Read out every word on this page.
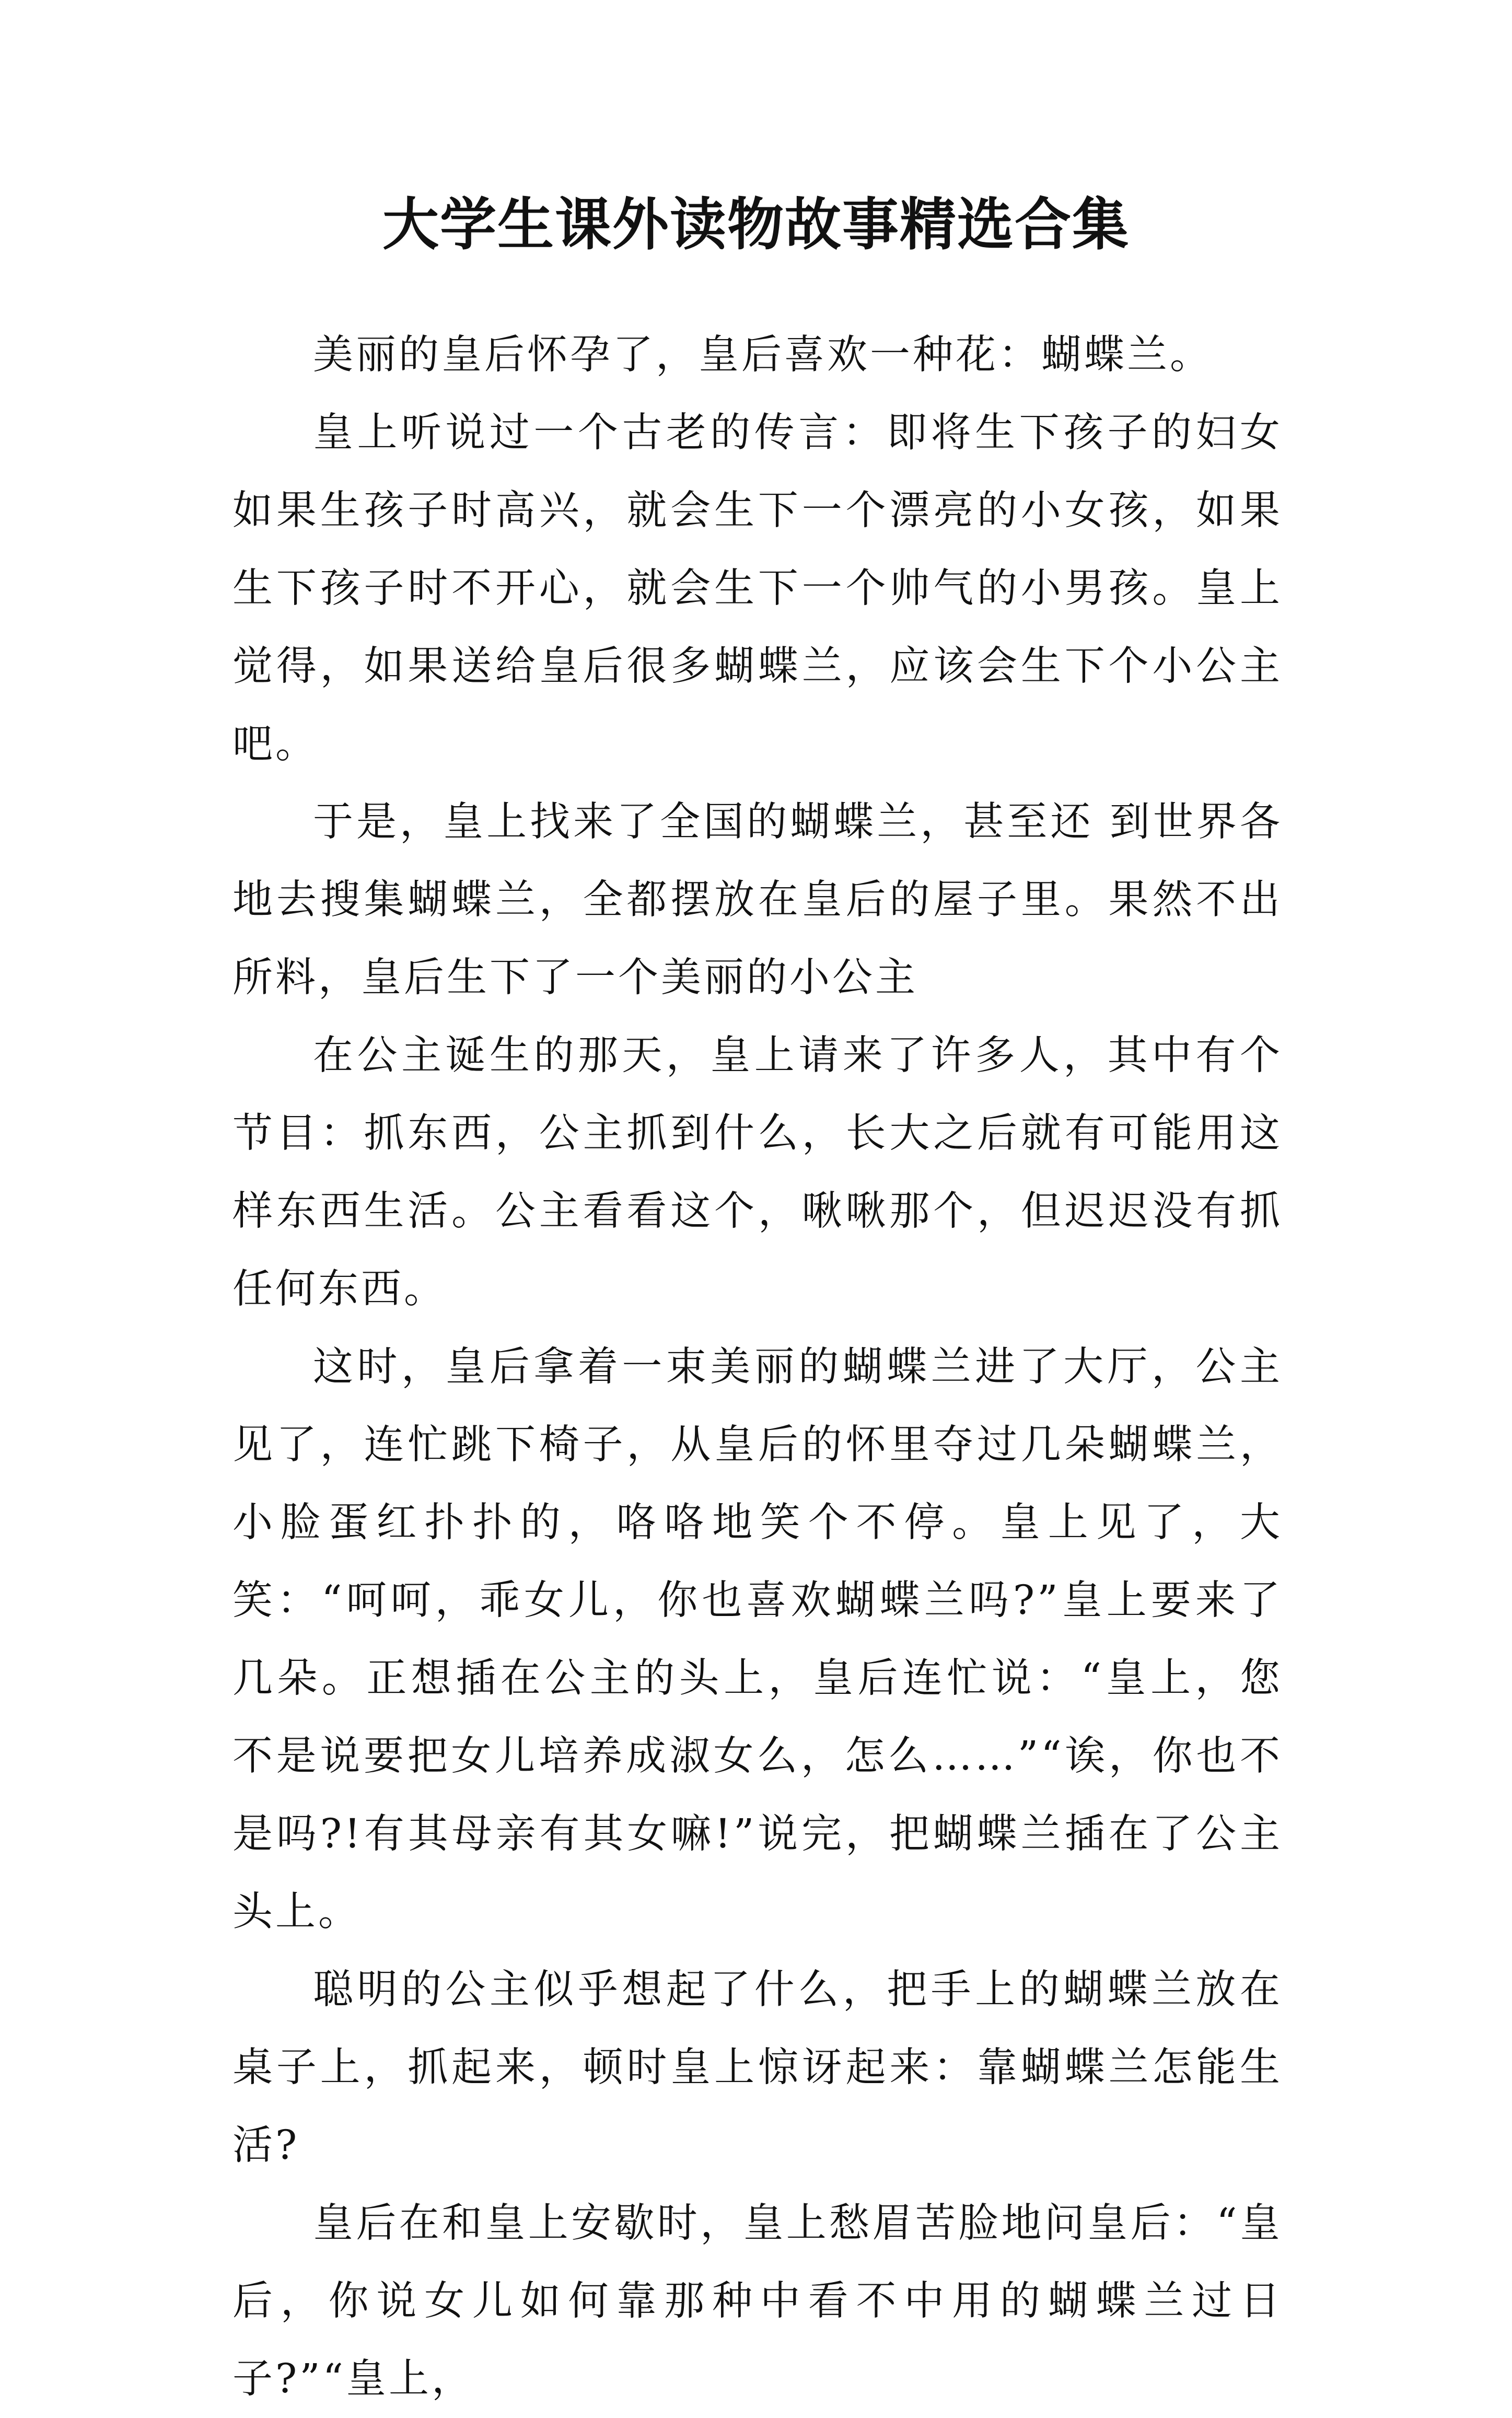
大学生课外读物故事精选合集

美丽的皇后怀孕了，皇后喜欢一种花：蝴蝶兰。

皇上听说过一个古老的传言：即将生下孩子的妇女如果生孩子时高兴，就会生下一个漂亮的小女孩，如果生下孩子时不开心，就会生下一个帅气的小男孩。皇上觉得，如果送给皇后很多蝴蝶兰，应该会生下个小公主吧。

于是，皇上找来了全国的蝴蝶兰，甚至还 到世界各地去搜集蝴蝶兰，全都摆放在皇后的屋子里。果然不出所料，皇后生下了一个美丽的小公主

在公主诞生的那天，皇上请来了许多人，其中有个节目：抓东西，公主抓到什么，长大之后就有可能用这样东西生活。公主看看这个，啾啾那个，但迟迟没有抓任何东西。

这时，皇后拿着一束美丽的蝴蝶兰进了大厅，公主见了，连忙跳下椅子，从皇后的怀里夺过几朵蝴蝶兰，小脸蛋红扑扑的，咯咯地笑个不停。皇上见了，大笑：“呵呵，乖女儿，你也喜欢蝴蝶兰吗?”皇上要来了几朵。正想插在公主的头上，皇后连忙说：“皇上，您不是说要把女儿培养成淑女么，怎么……”“诶，你也不是吗?!有其母亲有其女嘛!”说完，把蝴蝶兰插在了公主头上。

聪明的公主似乎想起了什么，把手上的蝴蝶兰放在桌子上，抓起来，顿时皇上惊讶起来：靠蝴蝶兰怎能生活?

皇后在和皇上安歇时，皇上愁眉苦脸地问皇后：“皇后，你说女儿如何靠那种中看不中用的蝴蝶兰过日子?”“皇上，
